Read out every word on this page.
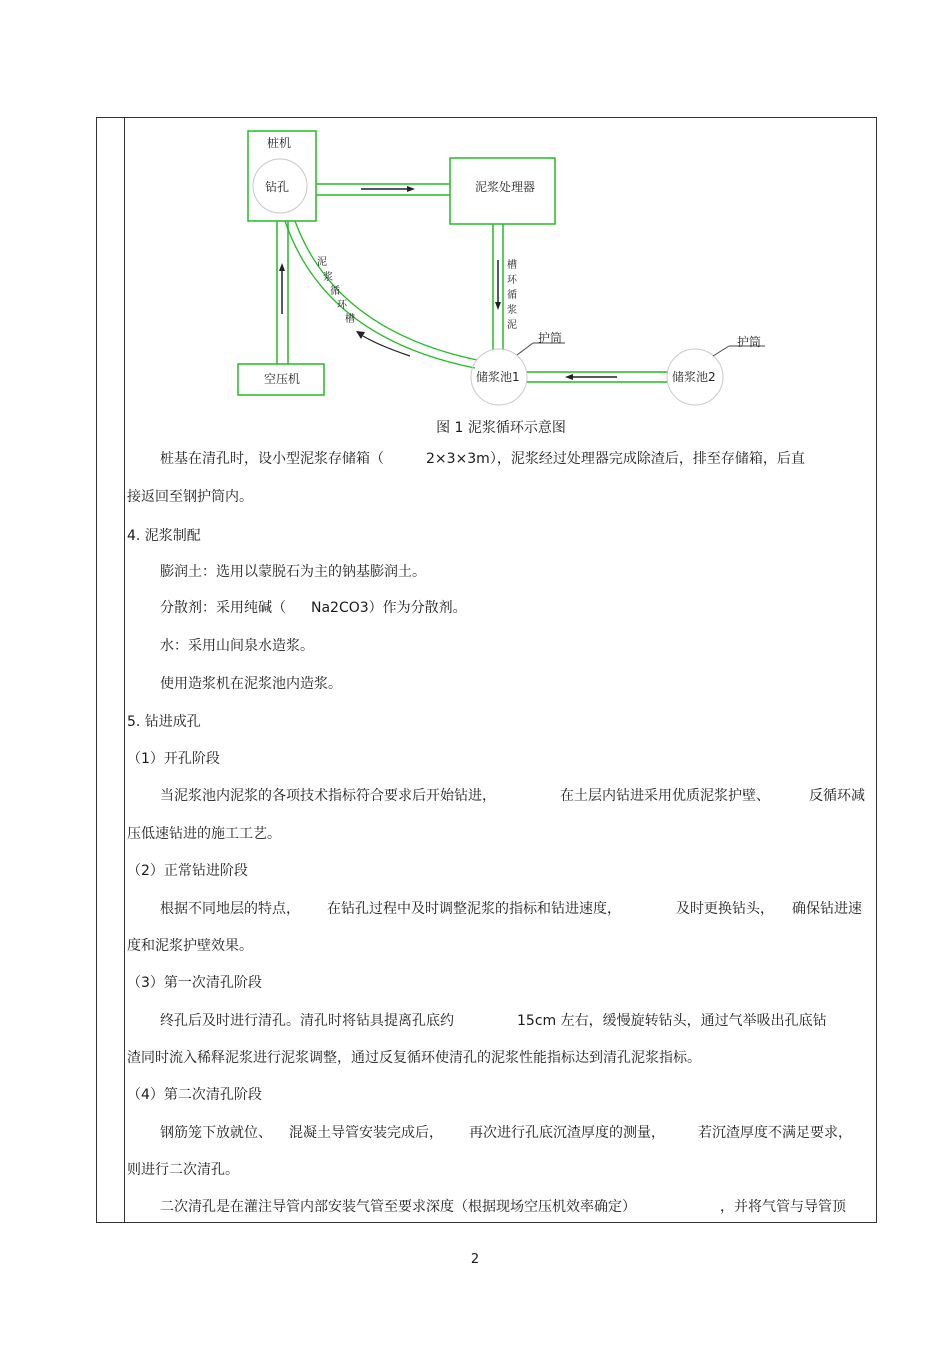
桩机
钻孔	泥浆处理器
槽
环
循
浆
泥
空压机
泥
浆
循
环
槽
储浆池1
护筒
储浆池2
护筒
图 1 泥浆循环示意图
桩基在清孔时，设小型泥浆存储箱（	2×3×3m），泥浆经过处理器完成除渣后，排至存储箱，后直
接返回至钢护筒内。
4. 泥浆制配
膨润土：选用以蒙脱石为主的钠基膨润土。
分散剂：采用纯碱（ Na2CO3）作为分散剂。
水：采用山间泉水造浆。
使用造浆机在泥浆池内造浆。
5. 钻进成孔
（1）开孔阶段
当泥浆池内泥浆的各项技术指标符合要求后开始钻进，	在土层内钻进采用优质泥浆护壁、	反循环减
压低速钻进的施工工艺。
（2）正常钻进阶段
根据不同地层的特点， 在钻孔过程中及时调整泥浆的指标和钻进速度，	及时更换钻头， 确保钻进速
度和泥浆护壁效果。
（3）第一次清孔阶段
终孔后及时进行清孔。清孔时将钻具提离孔底约	15cm 左右，缓慢旋转钻头，通过气举吸出孔底钻
渣同时流入稀释泥浆进行泥浆调整，通过反复循环使清孔的泥浆性能指标达到清孔泥浆指标。
（4）第二次清孔阶段
钢筋笼下放就位、 混凝土导管安装完成后， 再次进行孔底沉渣厚度的测量， 若沉渣厚度不满足要求，
则进行二次清孔。
二次清孔是在灌注导管内部安装气管至要求深度（根据现场空压机效率确定）	，并将气管与导管顶
2
